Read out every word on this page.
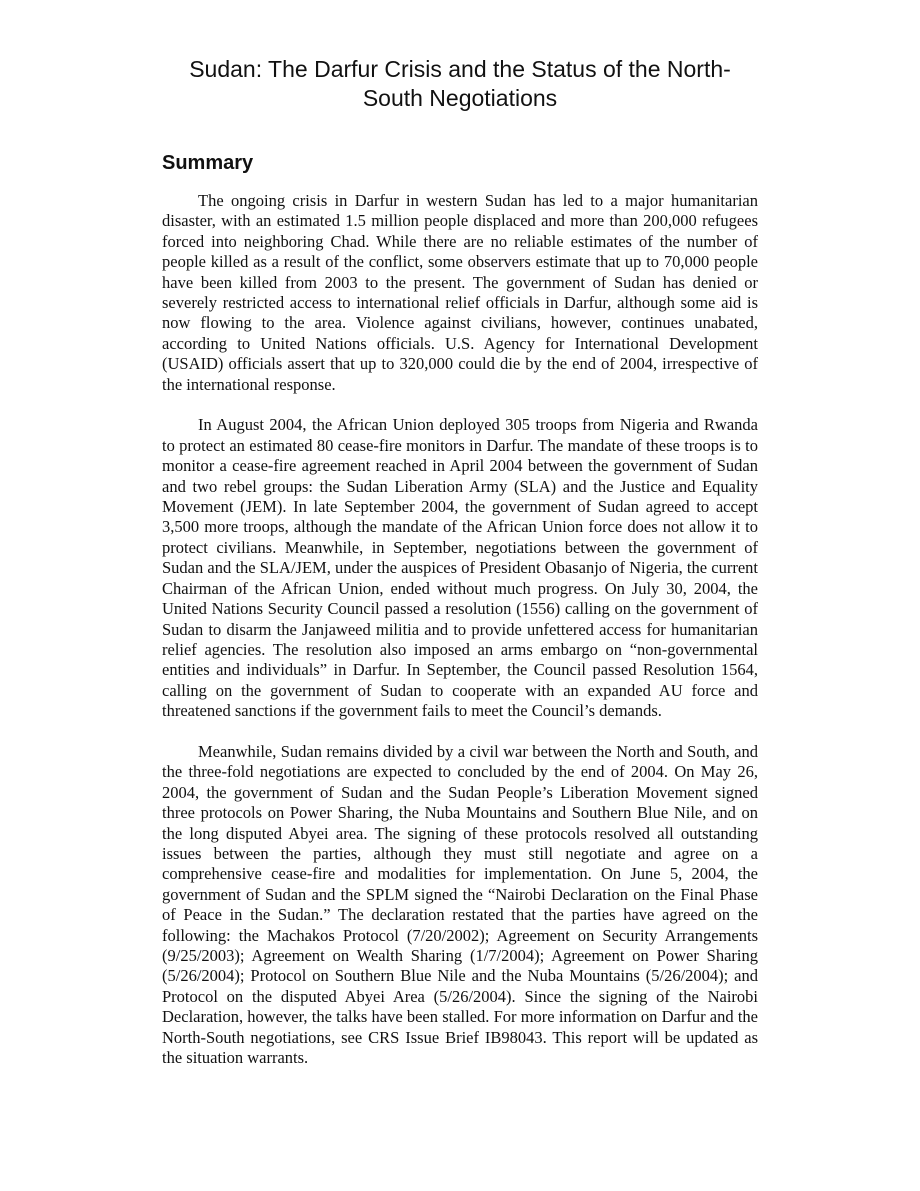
Sudan: The Darfur Crisis and the Status of the North-South Negotiations
Summary

The ongoing crisis in Darfur in western Sudan has led to a major humanitarian disaster, with an estimated 1.5 million people displaced and more than 200,000 refugees forced into neighboring Chad. While there are no reliable estimates of the number of people killed as a result of the conflict, some observers estimate that up to 70,000 people have been killed from 2003 to the present. The government of Sudan has denied or severely restricted access to international relief officials in Darfur, although some aid is now flowing to the area. Violence against civilians, however, continues unabated, according to United Nations officials. U.S. Agency for International Development (USAID) officials assert that up to 320,000 could die by the end of 2004, irrespective of the international response.

In August 2004, the African Union deployed 305 troops from Nigeria and Rwanda to protect an estimated 80 cease-fire monitors in Darfur. The mandate of these troops is to monitor a cease-fire agreement reached in April 2004 between the government of Sudan and two rebel groups: the Sudan Liberation Army (SLA) and the Justice and Equality Movement (JEM). In late September 2004, the government of Sudan agreed to accept 3,500 more troops, although the mandate of the African Union force does not allow it to protect civilians. Meanwhile, in September, negotiations between the government of Sudan and the SLA/JEM, under the auspices of President Obasanjo of Nigeria, the current Chairman of the African Union, ended without much progress. On July 30, 2004, the United Nations Security Council passed a resolution (1556) calling on the government of Sudan to disarm the Janjaweed militia and to provide unfettered access for humanitarian relief agencies. The resolution also imposed an arms embargo on “non-governmental entities and individuals” in Darfur. In September, the Council passed Resolution 1564, calling on the government of Sudan to cooperate with an expanded AU force and threatened sanctions if the government fails to meet the Council’s demands.

Meanwhile, Sudan remains divided by a civil war between the North and South, and the three-fold negotiations are expected to concluded by the end of 2004. On May 26, 2004, the government of Sudan and the Sudan People’s Liberation Movement signed three protocols on Power Sharing, the Nuba Mountains and Southern Blue Nile, and on the long disputed Abyei area. The signing of these protocols resolved all outstanding issues between the parties, although they must still negotiate and agree on a comprehensive cease-fire and modalities for implementation. On June 5, 2004, the government of Sudan and the SPLM signed the “Nairobi Declaration on the Final Phase of Peace in the Sudan.” The declaration restated that the parties have agreed on the following: the Machakos Protocol (7/20/2002); Agreement on Security Arrangements (9/25/2003); Agreement on Wealth Sharing (1/7/2004); Agreement on Power Sharing (5/26/2004); Protocol on Southern Blue Nile and the Nuba Mountains (5/26/2004); and Protocol on the disputed Abyei Area (5/26/2004). Since the signing of the Nairobi Declaration, however, the talks have been stalled. For more information on Darfur and the North-South negotiations, see CRS Issue Brief IB98043. This report will be updated as the situation warrants.
